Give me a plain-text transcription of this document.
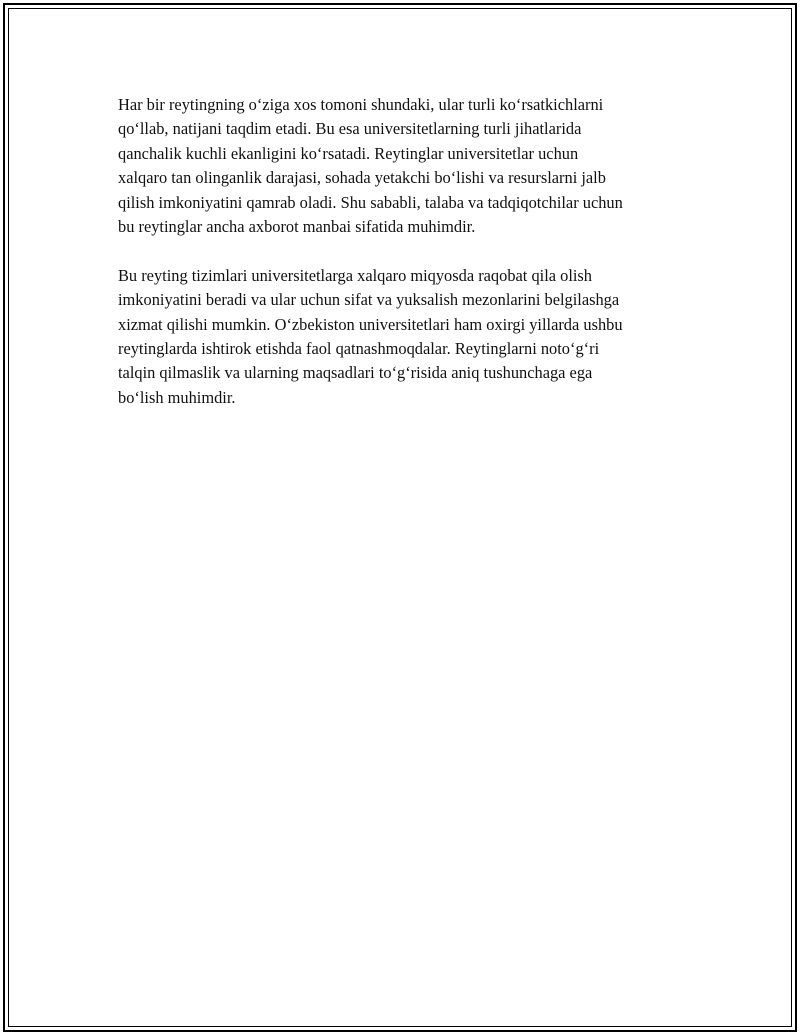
Har bir reytingning o‘ziga xos tomoni shundaki, ular turli ko‘rsatkichlarni
qo‘llab, natijani taqdim etadi. Bu esa universitetlarning turli jihatlarida
qanchalik kuchli ekanligini ko‘rsatadi. Reytinglar universitetlar uchun
xalqaro tan olinganlik darajasi, sohada yetakchi bo‘lishi va resurslarni jalb
qilish imkoniyatini qamrab oladi. Shu sababli, talaba va tadqiqotchilar uchun
bu reytinglar ancha axborot manbai sifatida muhimdir.

Bu reyting tizimlari universitetlarga xalqaro miqyosda raqobat qila olish
imkoniyatini beradi va ular uchun sifat va yuksalish mezonlarini belgilashga
xizmat qilishi mumkin. O‘zbekiston universitetlari ham oxirgi yillarda ushbu
reytinglarda ishtirok etishda faol qatnashmoqdalar. Reytinglarni noto‘g‘ri
talqin qilmaslik va ularning maqsadlari to‘g‘risida aniq tushunchaga ega
bo‘lish muhimdir.
